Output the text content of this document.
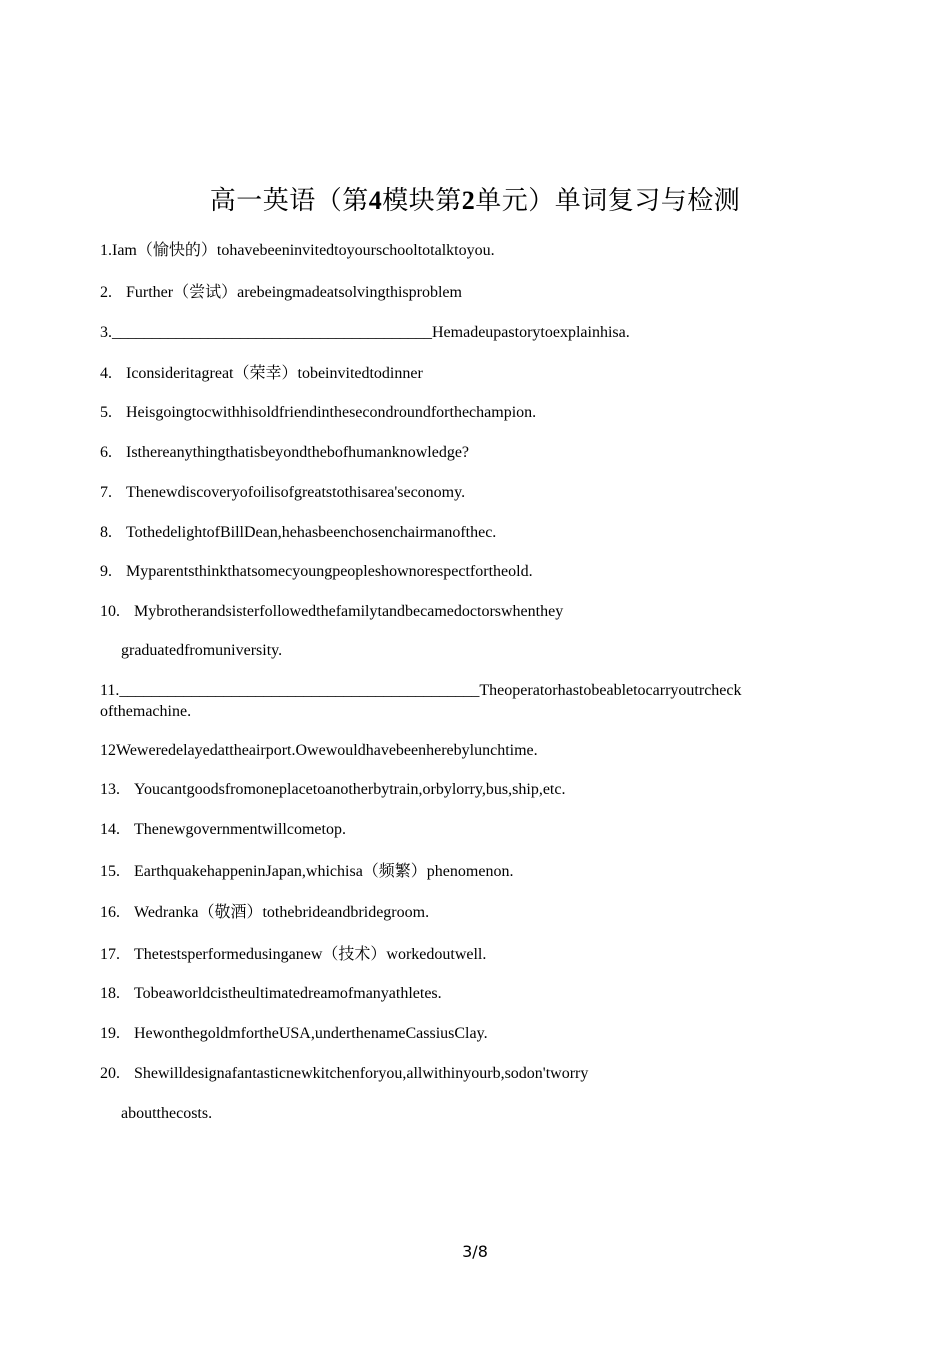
高一英语（第4模块第2单元）单词复习与检测
1.Iam（愉快的）tohavebeeninvitedtoyourschooltotalktoyou.
2. Further（尝试）arebeingmadeatsolvingthisproblem
3.________________________________________Hemadeupastorytoexplainhisa.
4. Iconsideritagreat（荣幸）tobeinvitedtodinner
5. Heisgoingtocwithhisoldfriendinthesecondroundforthechampion.
6. Isthereanythingthatisbeyondthebofhumanknowledge?
7. Thenewdiscoveryofoilisofgreatstothisarea'seconomy.
8. TothedelightofBillDean,hehasbeenchosenchairmanofthec.
9. Myparentsthinkthatsomecyoungpeopleshownorespectfortheold.
10. Mybrotherandsisterfollowedthefamilytandbecamedoctorswhenthey
graduatedfromuniversity.
11._____________________________________________Theoperatorhastobeabletocarryoutrcheck
ofthemachine.
12Weweredelayedattheairport.Owewouldhavebeenherebylunchtime.
13. Youcantgoodsfromoneplacetoanotherbytrain,orbylorry,bus,ship,etc.
14. Thenewgovernmentwillcometop.
15. EarthquakehappeninJapan,whichisa（频繁）phenomenon.
16. Wedranka（敬酒）tothebrideandbridegroom.
17. Thetestsperformedusinganew（技术）workedoutwell.
18. Tobeaworldcistheultimatedreamofmanyathletes.
19. HewonthegoldmfortheUSA,underthenameCassiusClay.
20. Shewilldesignafantasticnewkitchenforyou,allwithinyourb,sodon'tworry
aboutthecosts.
3/8
